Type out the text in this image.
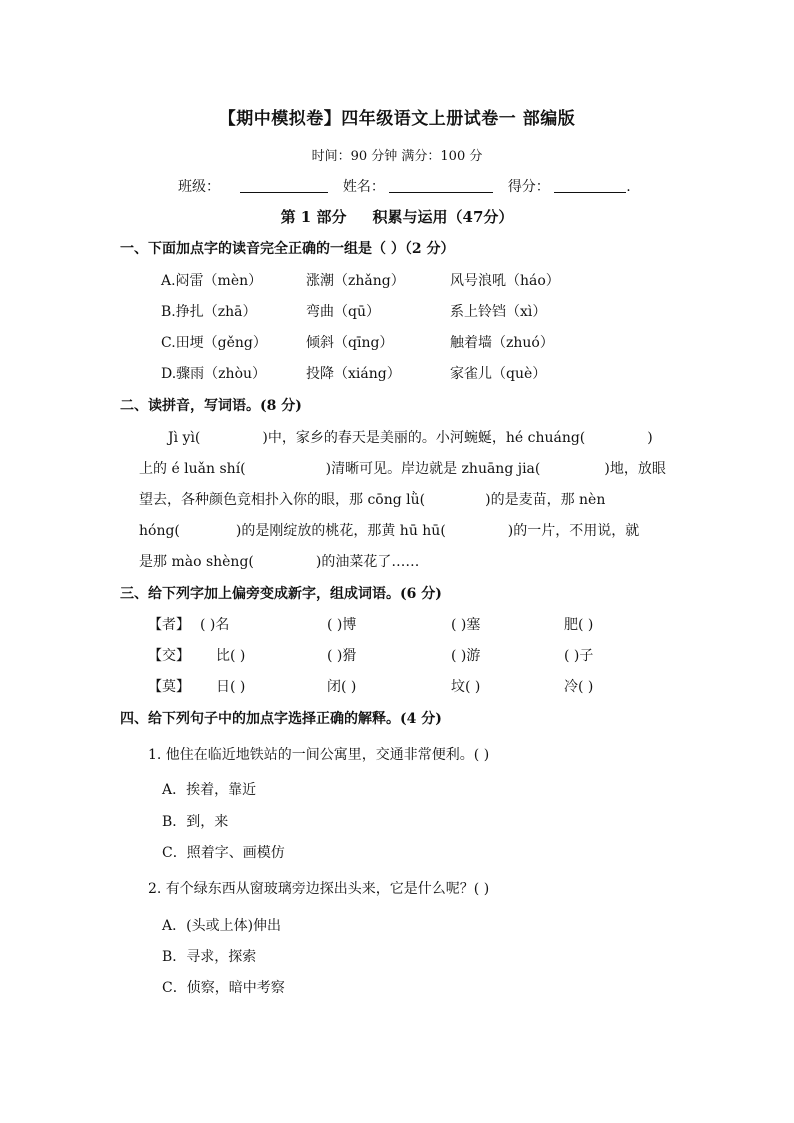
【期中模拟卷】四年级语文上册试卷一 部编版
时间：90 分钟 满分：100 分
班级：	姓名：	得分：	.
第 1 部分     积累与运用（47分）
一、下面加点字的读音完全正确的一组是（ ）（2 分）
A.闷雷（mèn）	涨潮（zhǎng）	风号浪吼（háo）
B.挣扎（zhā）	弯曲（qū）	系上铃铛（xì）
C.田埂（gěng）	倾斜（qīng）	触着墙（zhuó）
D.骤雨（zhòu）	投降（xiáng）	家雀儿（què）
二、读拼音，写词语。(8 分)
Jì yì(	)中，家乡的春天是美丽的。小河蜿蜒，hé chuáng(	)
上的 é luǎn shí(	)清晰可见。岸边就是 zhuāng jia(	)地，放眼
望去，各种颜色竞相扑入你的眼，那 cōng lǜ(	)的是麦苗，那 nèn
hóng(	)的是刚绽放的桃花，那黄 hū hū(	)的一片，不用说，就
是那 mào shèng(	)的油菜花了……
三、给下列字加上偏旁变成新字，组成词语。(6 分)
【者】 ( )名	( )博	( )塞	肥( )
【交】 比( )	( )猾	( )游	( )子
【莫】 日( )	闭( )	坟( )	冷( )
四、给下列句子中的加点字选择正确的解释。(4 分)
1. 他住在临近地铁站的一间公寓里，交通非常便利。( )
A．挨着，靠近
B．到，来
C．照着字、画模仿
2. 有个绿东西从窗玻璃旁边探出头来，它是什么呢？( )
A．(头或上体)伸出
B．寻求，探索
C．侦察，暗中考察
